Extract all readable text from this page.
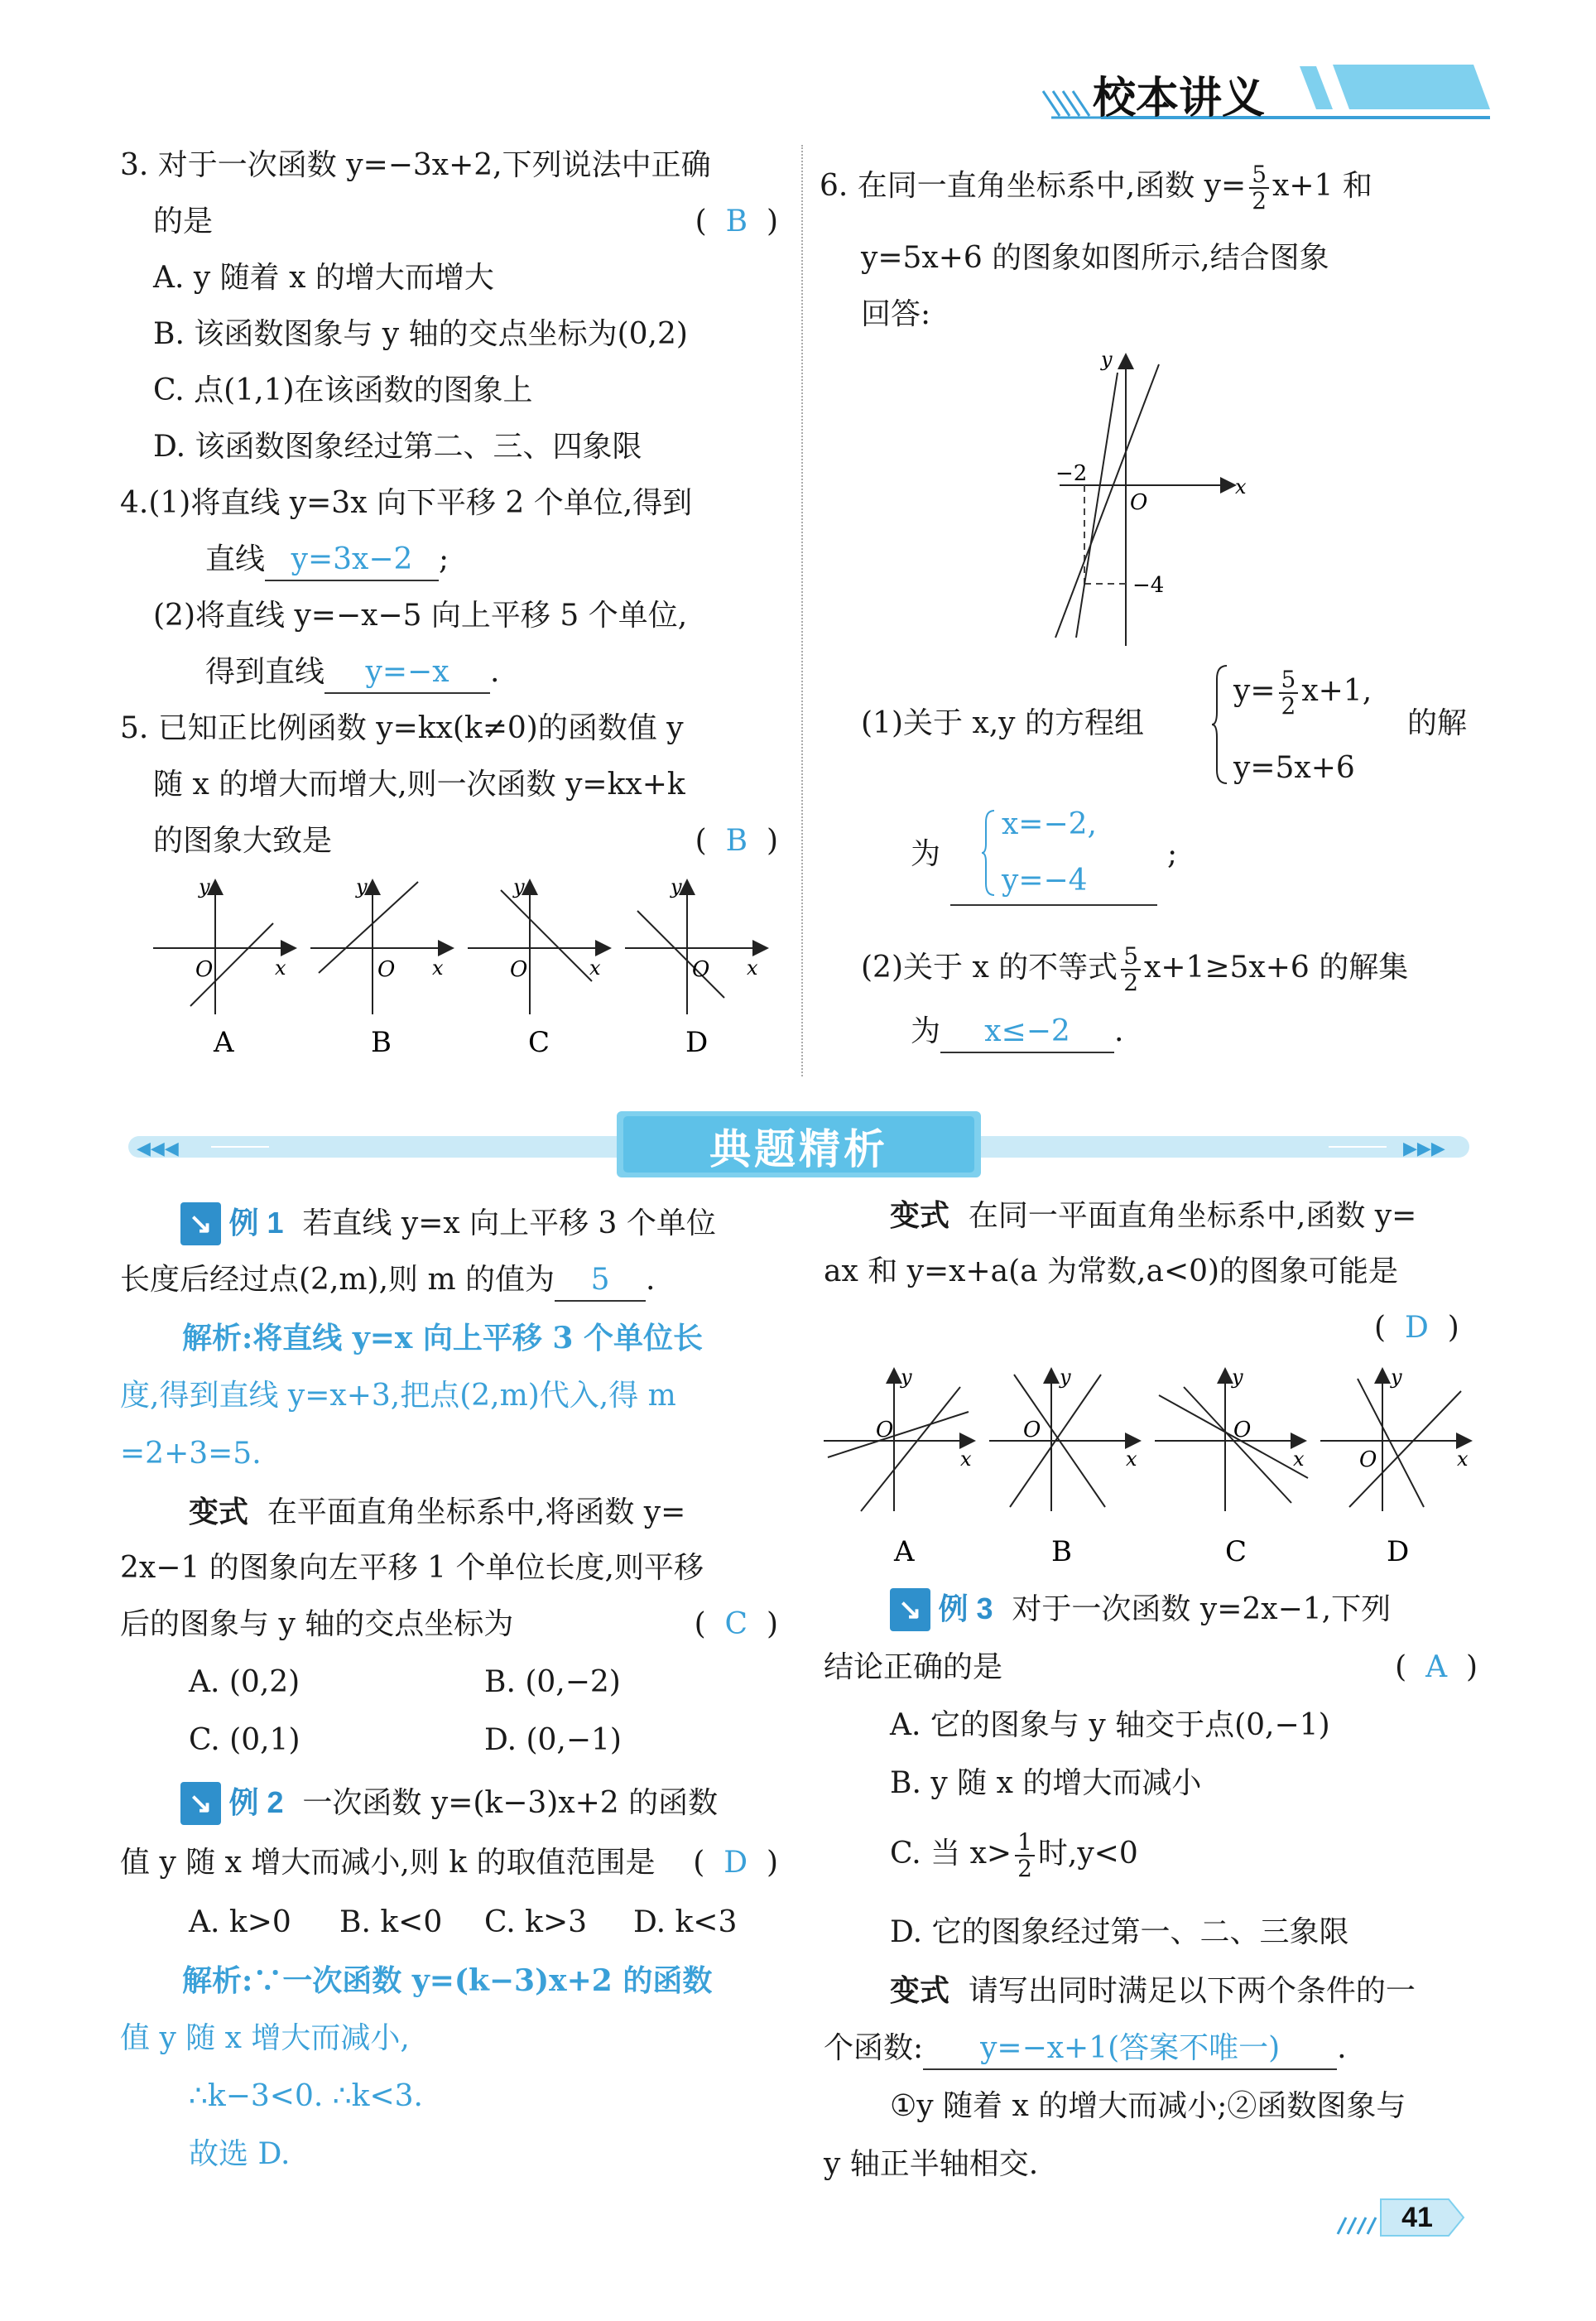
校本讲义
3. 对于一次函数 y=−3x+2,下列说法中正确
的是	( B )
A. y 随着 x 的增大而增大
B. 该函数图象与 y 轴的交点坐标为(0,2)
C. 点(1,1)在该函数的图象上
D. 该函数图象经过第二、三、四象限
4.(1)将直线 y=3x 向下平移 2 个单位,得到
直线 y=3x−2 ;
(2)将直线 y=−x−5 向上平移 5 个单位,
得到直线 y=−x .
5. 已知正比例函数 y=kx(k≠0)的函数值 y
随 x 的增大而增大,则一次函数 y=kx+k
的图象大致是	(  B  )
O	x
y
A
O x
y
B
O	x
y
C
O x
y
D
6. 在同一直角坐标系中,函数 $y= \frac{5}{2} x+1$ 和
y=5x+6 的图象如图所示,结合图象
回答:
O
x
y
−2
−4
(1)关于 x,y 的方程组
$y= \frac{5}{2} x+1$,
y=5x+6
的解
为
x=−2,
y=−4
;
(2)关于 x 的不等式 $\frac{5}{2} x+1\ge 5x+6$ 的解集
为 x≤−2 .
◀◀◀	▶▶▶
典题精析
↘ 例 1 若直线 y=x 向上平移 3 个单位
长度后经过点(2,m),则 m 的值为 5 .
解析:将直线 y=x 向上平移 3 个单位长
度,得到直线 y=x+3,把点(2,m)代入,得 m
=2+3=5.
变式 在平面直角坐标系中,将函数 y=
2x−1 的图象向左平移 1 个单位长度,则平移
后的图象与 y 轴的交点坐标为	(  C  )
A. (0,2)	B. (0,−2)
C. (0,1)	D. (0,−1)
↘ 例 2 一次函数 y=(k−3)x+2 的函数
值 y 随 x 增大而减小,则 k 的取值范围是 (  D  )
A. k>0 B. k<0 C. k>3 D. k<3
解析:∵一次函数 y=(k−3)x+2 的函数
值 y 随 x 增大而减小,
∴k−3<0. ∴k<3.
故选 D.
变式 在同一平面直角坐标系中,函数 y=
ax 和 y=x+a(a 为常数,a<0)的图象可能是
(  D  )
O
x
y
A
O
x
y
B
O
x
y
C
O	x
y
D
↘ 例 3 对于一次函数 y=2x−1,下列
结论正确的是	(  A  )
A. 它的图象与 y 轴交于点(0,−1)
B. y 随 x 的增大而减小
C. 当 $x> \frac{1}{2}$ 时,y<0
D. 它的图象经过第一、二、三象限
变式 请写出同时满足以下两个条件的一
个函数: y=−x+1(答案不唯一) .
①y 随着 x 的增大而减小;②函数图象与
y 轴正半轴相交.
41
